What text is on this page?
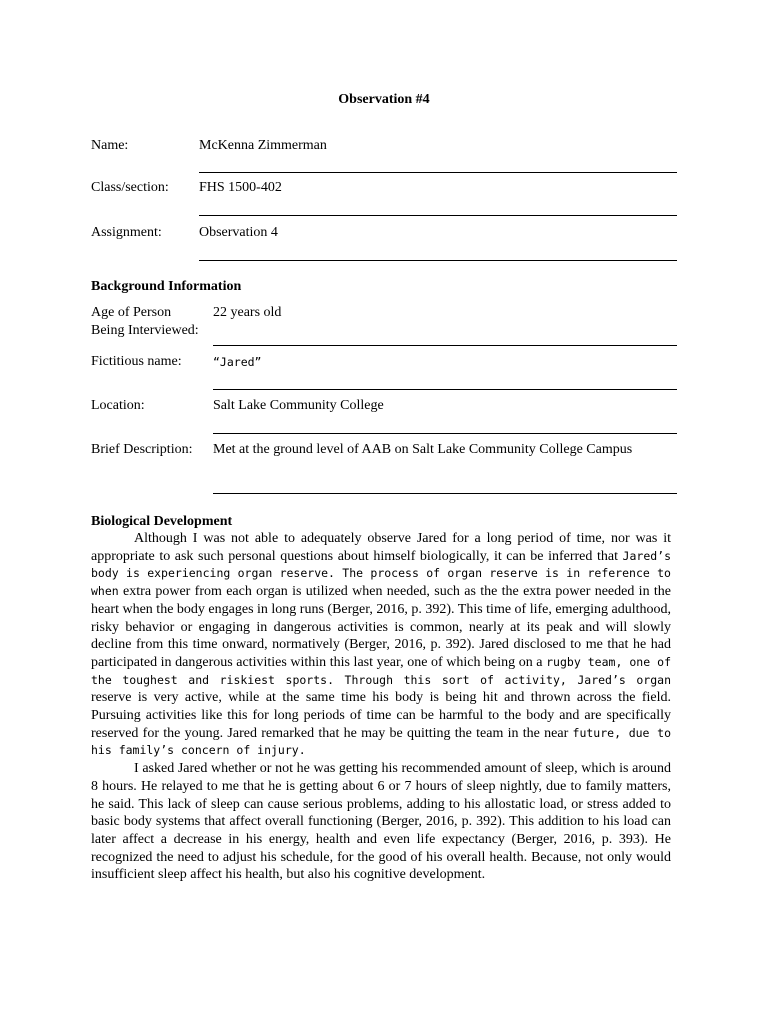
Observation #4
Name:	McKenna Zimmerman
Class/section: FHS 1500-402
Assignment:	Observation 4
Background Information
Age of Person
Being Interviewed:
22 years old
Fictitious name:	“Jared”
Location:	Salt Lake Community College
Brief Description: Met at the ground level of AAB on Salt Lake Community College Campus
Biological Development

Although I was not able to adequately observe Jared for a long period of time, nor was it appropriate to ask such personal questions about himself biologically, it can be inferred that Jared’s body is experiencing organ reserve. The process of organ reserve is in reference to when extra power from each organ is utilized when needed, such as the the extra power needed in the heart when the body engages in long runs (Berger, 2016, p. 392). This time of life, emerging adulthood, risky behavior or engaging in dangerous activities is common, nearly at its peak and will slowly decline from this time onward, normatively (Berger, 2016, p. 392). Jared disclosed to me that he had participated in dangerous activities within this last year, one of which being on a rugby team, one of the toughest and riskiest sports. Through this sort of activity, Jared’s organ reserve is very active, while at the same time his body is being hit and thrown across the field. Pursuing activities like this for long periods of time can be harmful to the body and are specifically reserved for the young. Jared remarked that he may be quitting the team in the near future, due to his family’s concern of injury.

I asked Jared whether or not he was getting his recommended amount of sleep, which is around 8 hours. He relayed to me that he is getting about 6 or 7 hours of sleep nightly, due to family matters, he said. This lack of sleep can cause serious problems, adding to his allostatic load, or stress added to basic body systems that affect overall functioning (Berger, 2016, p. 392). This addition to his load can later affect a decrease in his energy, health and even life expectancy (Berger, 2016, p. 393). He recognized the need to adjust his schedule, for the good of his overall health. Because, not only would insufficient sleep affect his health, but also his cognitive development.
